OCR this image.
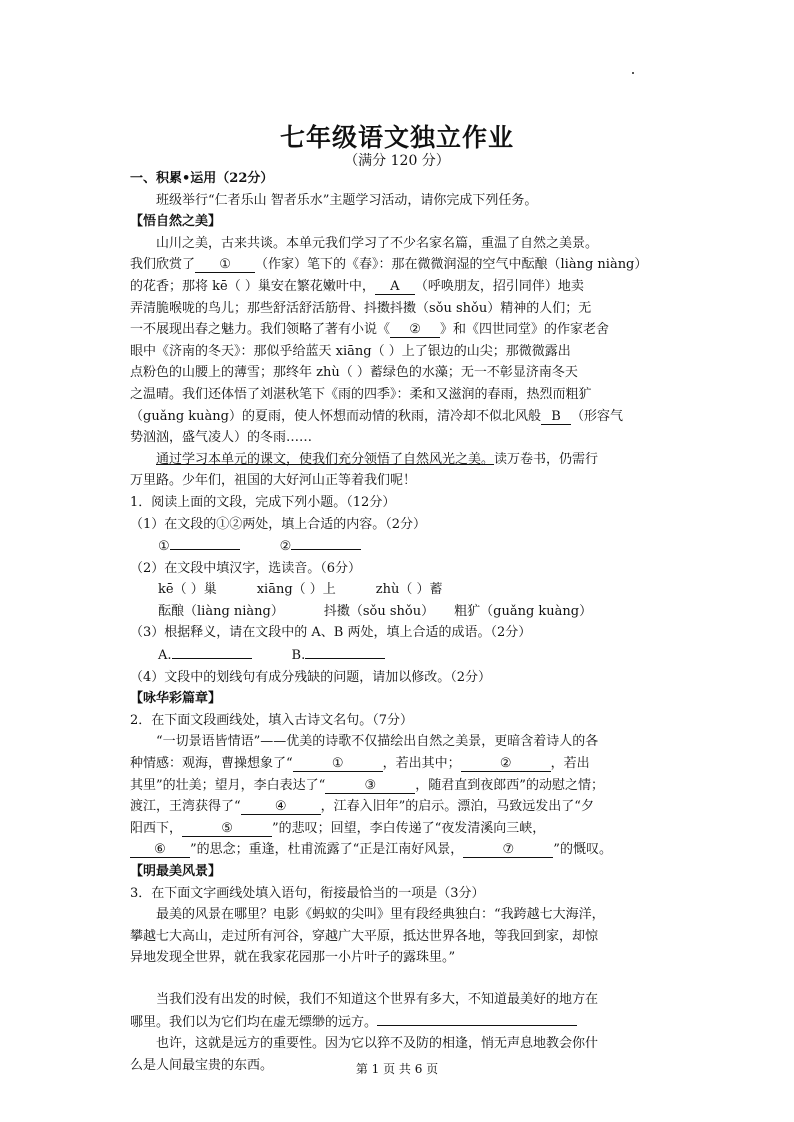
七年级语文独立作业
（满分 120 分）
一、积累•运用（22分）
班级举行“仁者乐山 智者乐水”主题学习活动，请你完成下列任务。
【悟自然之美】
山川之美，古来共谈。本单元我们学习了不少名家名篇，重温了自然之美景。
我们欣赏了 ① （作家）笔下的《春》：那在微微润湿的空气中酝酿（liàng niàng）
的花香；那将 kē（ ）巢安在繁花嫩叶中， A （呼唤朋友，招引同伴）地卖
弄清脆喉咙的鸟儿；那些舒活舒活筋骨、抖擞抖擞（sǒu shǒu）精神的人们；无
一不展现出春之魅力。我们领略了著有小说《 ② 》和《四世同堂》的作家老舍
眼中《济南的冬天》：那似乎给蓝天 xiāng（ ）上了银边的山尖；那微微露出
点粉色的山腰上的薄雪；那终年 zhù（ ）蓄绿色的水藻；无一不彰显济南冬天
之温晴。我们还体悟了刘湛秋笔下《雨的四季》：柔和又滋润的春雨，热烈而粗犷
（guǎng kuàng）的夏雨，使人怀想而动情的秋雨，清冷却不似北风般 B （形容气
势汹汹，盛气凌人）的冬雨……
通过学习本单元的课文，使我们充分领悟了自然风光之美。读万卷书，仍需行
万里路。少年们，祖国的大好河山正等着我们呢！
1．阅读上面的文段，完成下列小题。（12分）
（1）在文段的①②两处，填上合适的内容。（2分）
①	②
（2）在文段中填汉字，选读音。（6分）
kē（ ）巢	xiāng（ ）上	zhù（ ）蓄
酝酿（liàng niàng）	抖擞（sǒu shǒu） 粗犷（guǎng kuàng）
（3）根据释义，请在文段中的 A、B 两处，填上合适的成语。（2分）
A.	B.
（4）文段中的划线句有成分残缺的问题，请加以修改。（2分）
【咏华彩篇章】
2．在下面文段画线处，填入古诗文名句。（7分）
“一切景语皆情语”——优美的诗歌不仅描绘出自然之美景，更暗含着诗人的各
种情感：观海，曹操想象了“	①	，若出其中；	②	，若出
其里”的壮美；望月，李白表达了“	③	，随君直到夜郎西”的动慰之情；
渡江，王湾获得了“	④	，江春入旧年”的启示。漂泊，马致远发出了“夕
阳西下，	⑤	”的悲叹；回望，李白传递了“夜发清溪向三峡，
⑥ ”的思念；重逢，杜甫流露了“正是江南好风景，	⑦	”的慨叹。
【明最美风景】
3．在下面文字画线处填入语句，衔接最恰当的一项是（3分）
最美的风景在哪里？电影《蚂蚁的尖叫》里有段经典独白：“我跨越七大海洋，
攀越七大高山，走过所有河谷，穿越广大平原，抵达世界各地，等我回到家，却惊
异地发现全世界，就在我家花园那一小片叶子的露珠里。”
当我们没有出发的时候，我们不知道这个世界有多大，不知道最美好的地方在
哪里。我们以为它们均在虚无缥缈的远方。
也许，这就是远方的重要性。因为它以猝不及防的相逢，悄无声息地教会你什
么是人间最宝贵的东西。	第 1 页 共 6 页
